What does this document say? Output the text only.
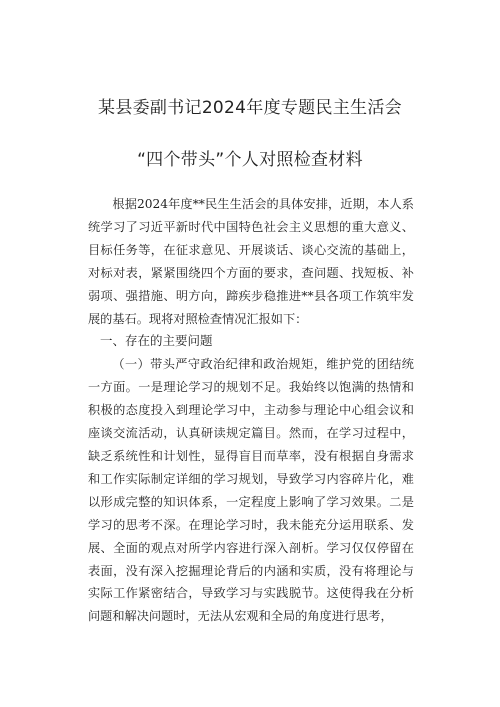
某县委副书记2024年度专题民主生活会
“四个带头”个人对照检查材料

根据2024年度**民生生活会的具体安排，近期，本人系统学习了习近平新时代中国特色社会主义思想的重大意义、目标任务等，在征求意见、开展谈话、谈心交流的基础上，对标对表，紧紧围绕四个方面的要求，查问题、找短板、补弱项、强措施、明方向，蹄疾步稳推进**县各项工作筑牢发展的基石。现将对照检查情况汇报如下：

一、存在的主要问题

（一）带头严守政治纪律和政治规矩，维护党的团结统一方面。一是理论学习的规划不足。我始终以饱满的热情和积极的态度投入到理论学习中，主动参与理论中心组会议和座谈交流活动，认真研读规定篇目。然而，在学习过程中，缺乏系统性和计划性，显得盲目而草率，没有根据自身需求和工作实际制定详细的学习规划，导致学习内容碎片化，难以形成完整的知识体系，一定程度上影响了学习效果。二是学习的思考不深。在理论学习时，我未能充分运用联系、发展、全面的观点对所学内容进行深入剖析。学习仅仅停留在表面，没有深入挖掘理论背后的内涵和实质，没有将理论与实际工作紧密结合，导致学习与实践脱节。这使得我在分析问题和解决问题时，无法从宏观和全局的角度进行思考，
